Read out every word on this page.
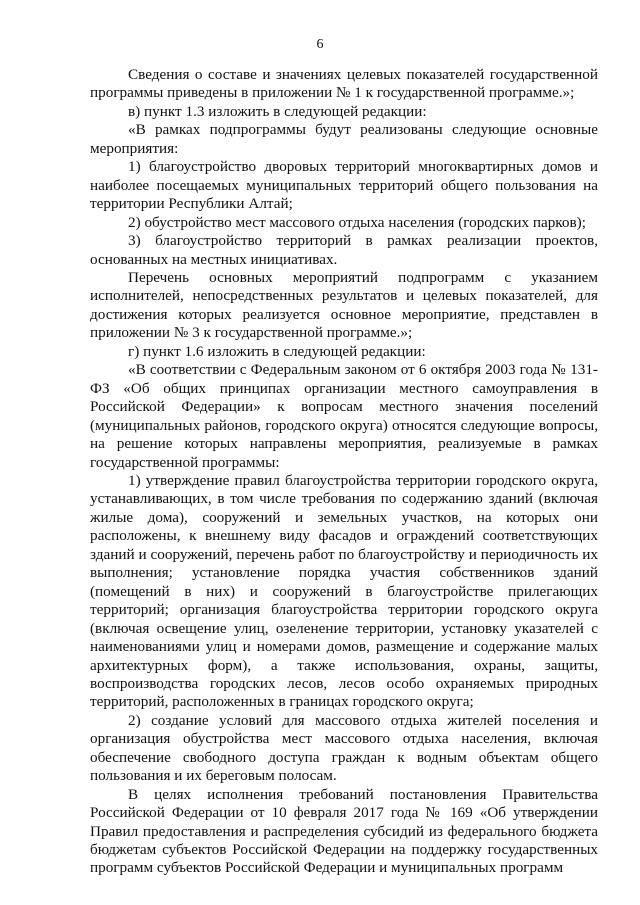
6

Сведения о составе и значениях целевых показателей государственной программы приведены в приложении № 1 к государственной программе.»;

в) пункт 1.3 изложить в следующей редакции:

«В рамках подпрограммы будут реализованы следующие основные мероприятия:

1) благоустройство дворовых территорий многоквартирных домов и наиболее посещаемых муниципальных территорий общего пользования на территории Республики Алтай;

2) обустройство мест массового отдыха населения (городских парков);

3) благоустройство территорий в рамках реализации проектов, основанных на местных инициативах.

Перечень основных мероприятий подпрограмм с указанием исполнителей, непосредственных результатов и целевых показателей, для достижения которых реализуется основное мероприятие, представлен в приложении № 3 к государственной программе.»;

г) пункт 1.6 изложить в следующей редакции:

«В соответствии с Федеральным законом от 6 октября 2003 года № 131-ФЗ «Об общих принципах организации местного самоуправления в Российской Федерации» к вопросам местного значения поселений (муниципальных районов, городского округа) относятся следующие вопросы, на решение которых направлены мероприятия, реализуемые в рамках государственной программы:

1) утверждение правил благоустройства территории городского округа, устанавливающих, в том числе требования по содержанию зданий (включая жилые дома), сооружений и земельных участков, на которых они расположены, к внешнему виду фасадов и ограждений соответствующих зданий и сооружений, перечень работ по благоустройству и периодичность их выполнения; установление порядка участия собственников зданий (помещений в них) и сооружений в благоустройстве прилегающих территорий; организация благоустройства территории городского округа (включая освещение улиц, озеленение территории, установку указателей с наименованиями улиц и номерами домов, размещение и содержание малых архитектурных форм), а также использования, охраны, защиты, воспроизводства городских лесов, лесов особо охраняемых природных территорий, расположенных в границах городского округа;

2) создание условий для массового отдыха жителей поселения и организация обустройства мест массового отдыха населения, включая обеспечение свободного доступа граждан к водным объектам общего пользования и их береговым полосам.

В целях исполнения требований постановления Правительства Российской Федерации от 10 февраля 2017 года № 169 «Об утверждении Правил предоставления и распределения субсидий из федерального бюджета бюджетам субъектов Российской Федерации на поддержку государственных программ субъектов Российской Федерации и муниципальных программ
